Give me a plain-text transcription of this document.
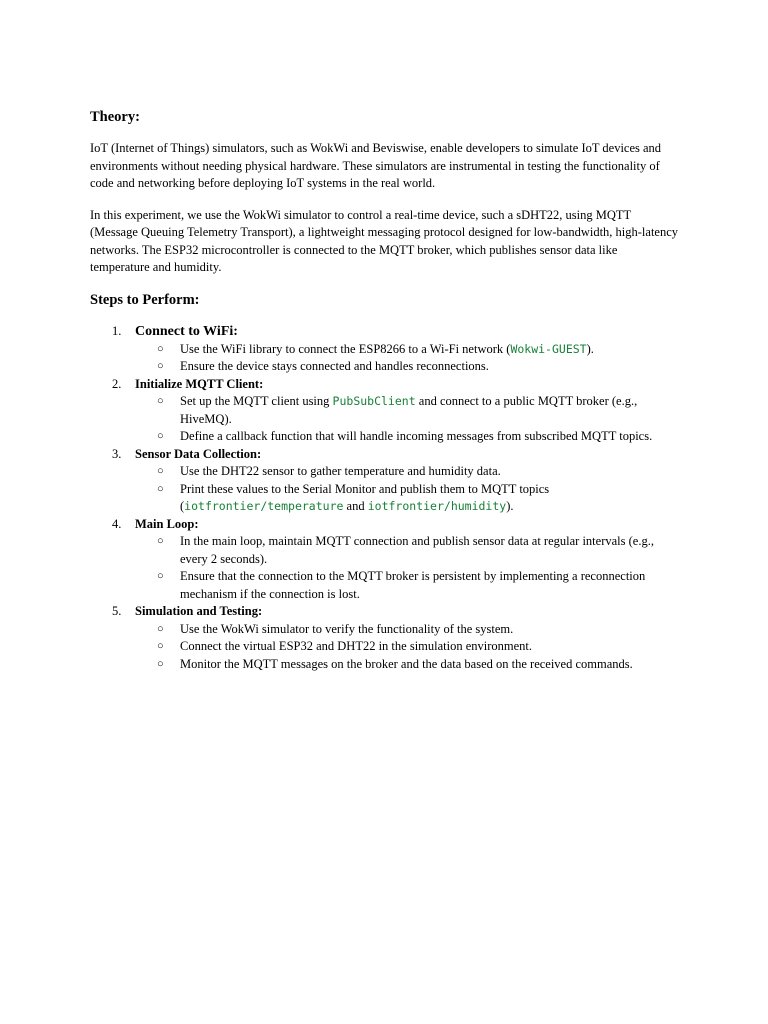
Theory:

IoT (Internet of Things) simulators, such as WokWi and Beviswise, enable developers to simulate IoT devices and environments without needing physical hardware. These simulators are instrumental in testing the functionality of code and networking before deploying IoT systems in the real world.

In this experiment, we use the WokWi simulator to control a real-time device, such a sDHT22, using MQTT (Message Queuing Telemetry Transport), a lightweight messaging protocol designed for low-bandwidth, high-latency networks. The ESP32 microcontroller is connected to the MQTT broker, which publishes sensor data like temperature and humidity.

Steps to Perform:

1. Connect to WiFi:
○ Use the WiFi library to connect the ESP8266 to a Wi-Fi network (Wokwi-GUEST).
○ Ensure the device stays connected and handles reconnections.
2. Initialize MQTT Client:
○ Set up the MQTT client using PubSubClient and connect to a public MQTT broker (e.g., HiveMQ).
○ Define a callback function that will handle incoming messages from subscribed MQTT topics.
3. Sensor Data Collection:
○ Use the DHT22 sensor to gather temperature and humidity data.
○ Print these values to the Serial Monitor and publish them to MQTT topics
(iotfrontier/temperature and iotfrontier/humidity).
4. Main Loop:
○ In the main loop, maintain MQTT connection and publish sensor data at regular intervals (e.g., every 2 seconds).
○ Ensure that the connection to the MQTT broker is persistent by implementing a reconnection mechanism if the connection is lost.
5. Simulation and Testing:
○ Use the WokWi simulator to verify the functionality of the system.
○ Connect the virtual ESP32 and DHT22 in the simulation environment.
○ Monitor the MQTT messages on the broker and the data based on the received commands.
